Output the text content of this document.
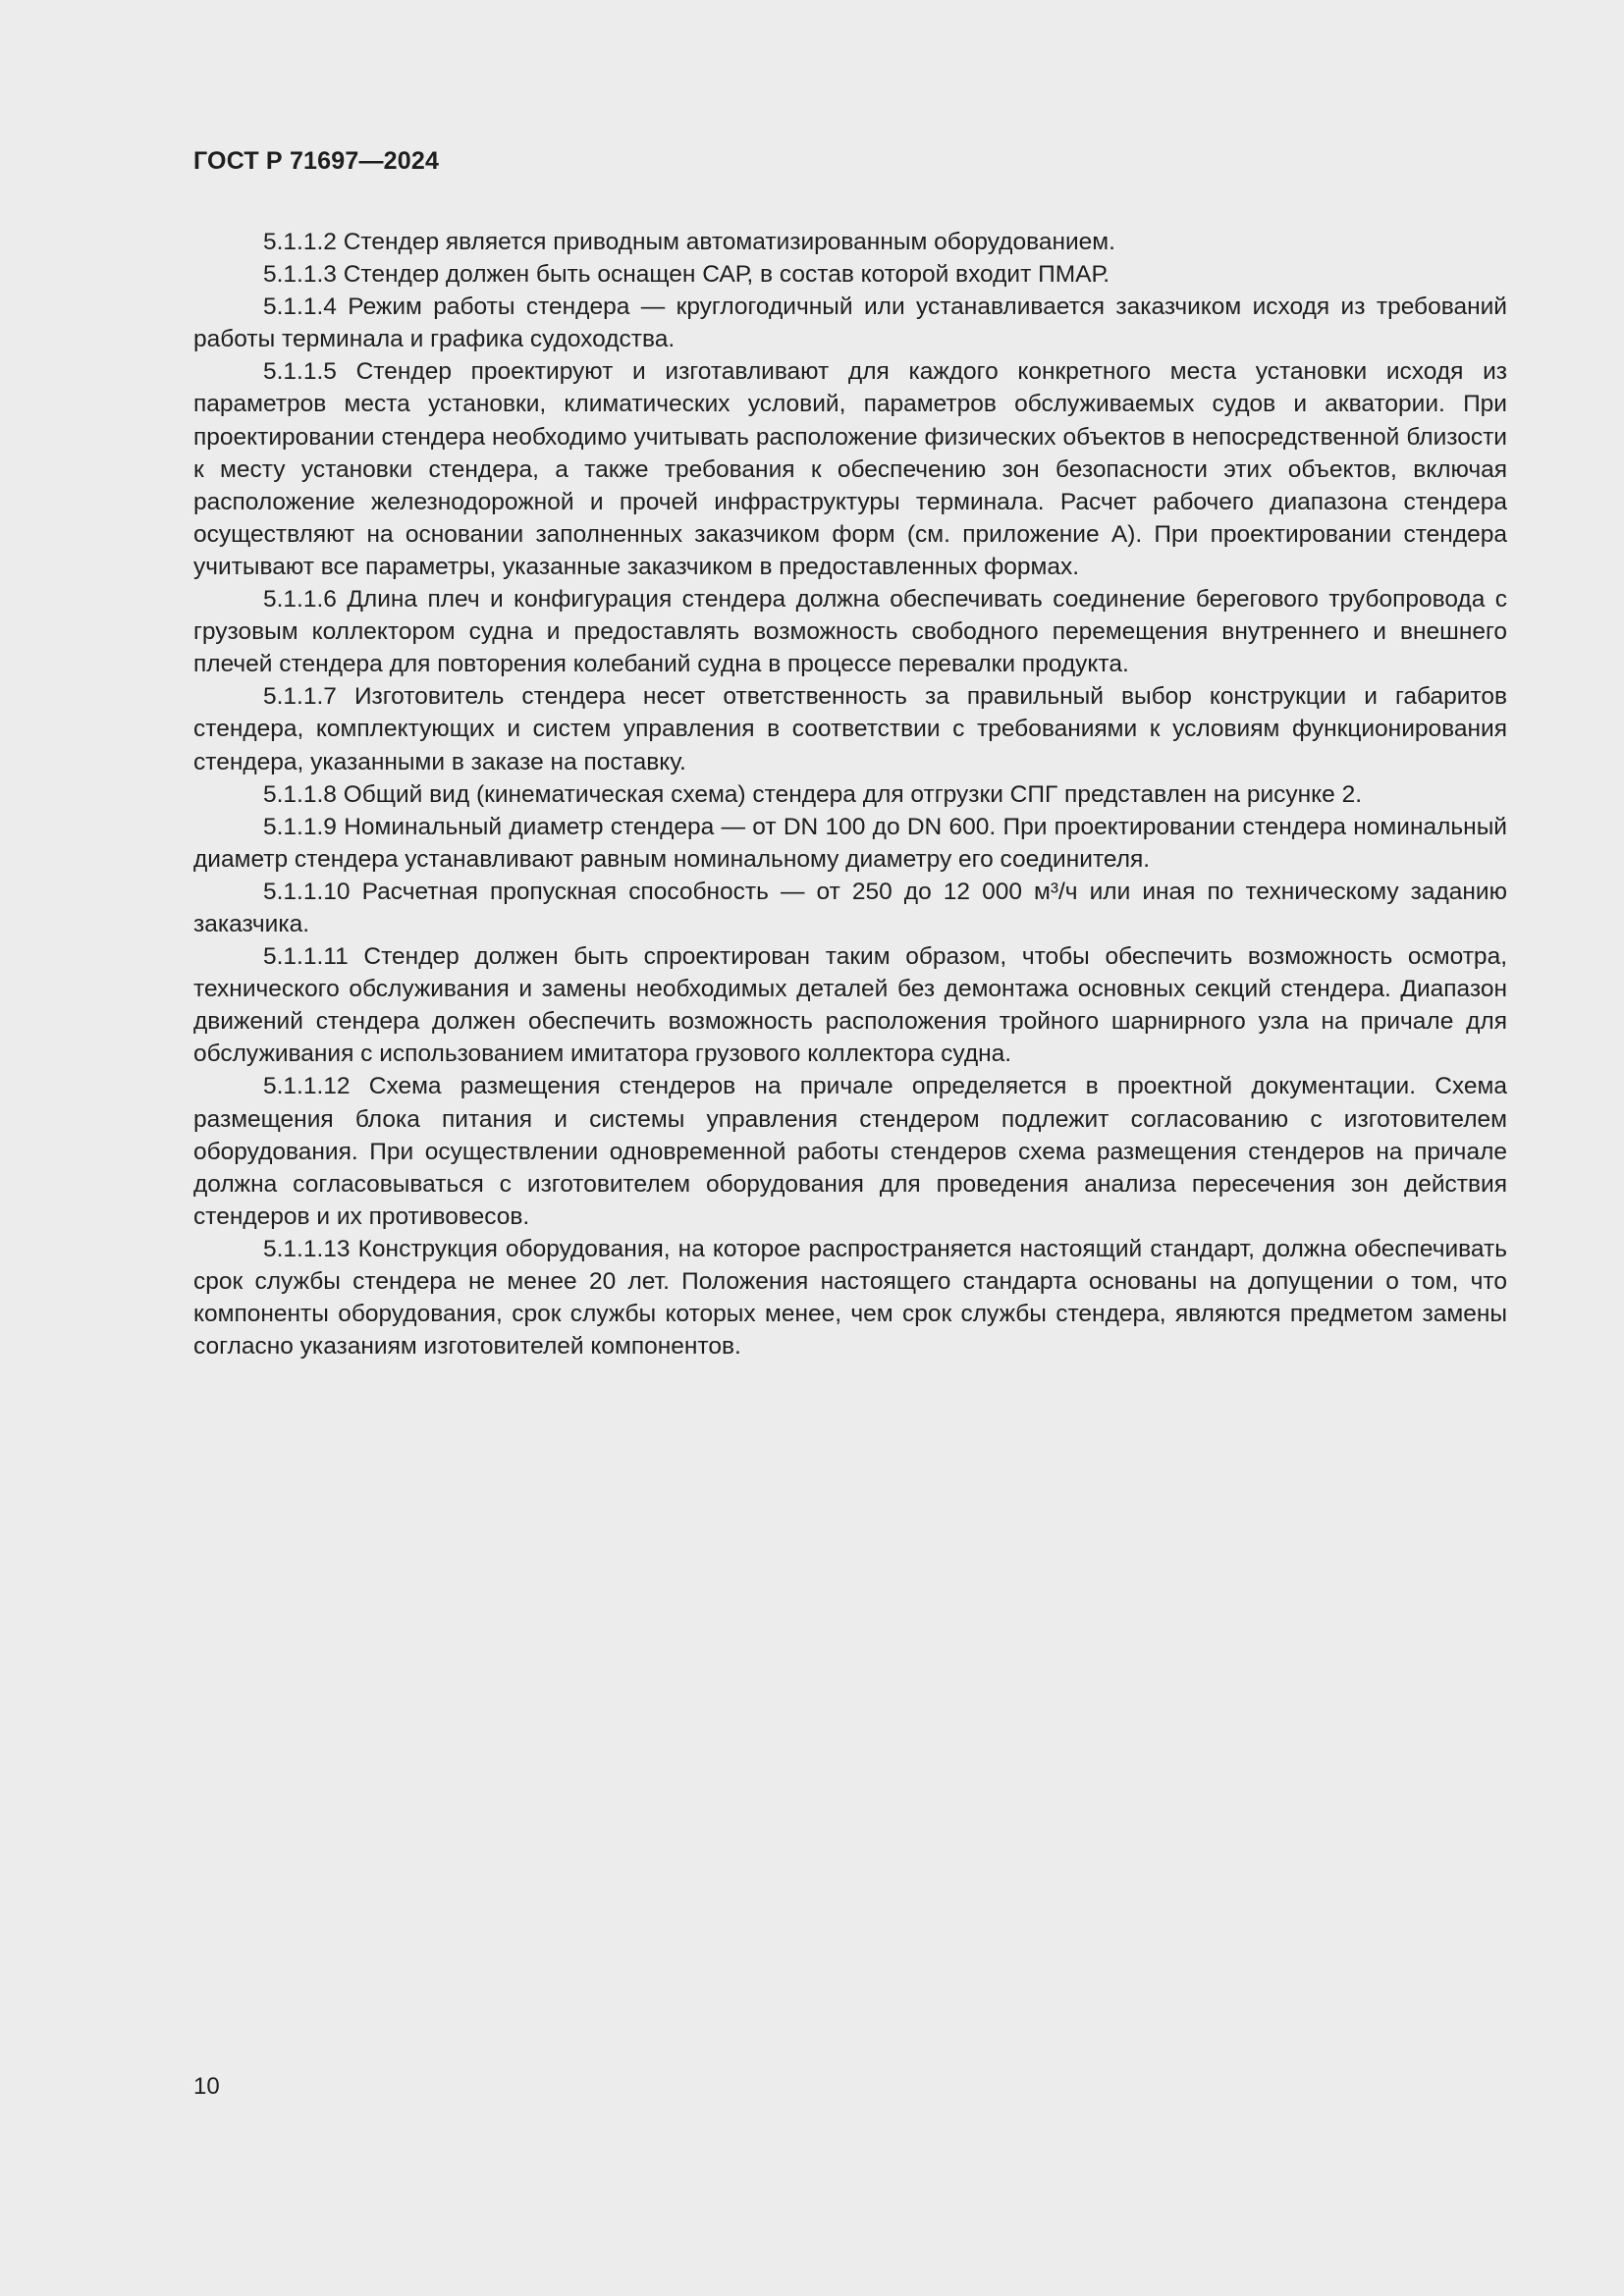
ГОСТ Р 71697—2024

5.1.1.2 Стендер является приводным автоматизированным оборудованием.

5.1.1.3 Стендер должен быть оснащен САР, в состав которой входит ПМАР.

5.1.1.4 Режим работы стендера — круглогодичный или устанавливается заказчиком исходя из требований работы терминала и графика судоходства.

5.1.1.5 Стендер проектируют и изготавливают для каждого конкретного места установки исходя из параметров места установки, климатических условий, параметров обслуживаемых судов и акватории. При проектировании стендера необходимо учитывать расположение физических объектов в непосредственной близости к месту установки стендера, а также требования к обеспечению зон безопасности этих объектов, включая расположение железнодорожной и прочей инфраструктуры терминала. Расчет рабочего диапазона стендера осуществляют на основании заполненных заказчиком форм (см. приложение А). При проектировании стендера учитывают все параметры, указанные заказчиком в предоставленных формах.

5.1.1.6 Длина плеч и конфигурация стендера должна обеспечивать соединение берегового трубопровода с грузовым коллектором судна и предоставлять возможность свободного перемещения внутреннего и внешнего плечей стендера для повторения колебаний судна в процессе перевалки продукта.

5.1.1.7 Изготовитель стендера несет ответственность за правильный выбор конструкции и габаритов стендера, комплектующих и систем управления в соответствии с требованиями к условиям функционирования стендера, указанными в заказе на поставку.

5.1.1.8 Общий вид (кинематическая схема) стендера для отгрузки СПГ представлен на рисунке 2.

5.1.1.9 Номинальный диаметр стендера — от DN 100 до DN 600. При проектировании стендера номинальный диаметр стендера устанавливают равным номинальному диаметру его соединителя.

5.1.1.10 Расчетная пропускная способность — от 250 до 12 000 м³/ч или иная по техническому заданию заказчика.

5.1.1.11 Стендер должен быть спроектирован таким образом, чтобы обеспечить возможность осмотра, технического обслуживания и замены необходимых деталей без демонтажа основных секций стендера. Диапазон движений стендера должен обеспечить возможность расположения тройного шарнирного узла на причале для обслуживания с использованием имитатора грузового коллектора судна.

5.1.1.12 Схема размещения стендеров на причале определяется в проектной документации. Схема размещения блока питания и системы управления стендером подлежит согласованию с изготовителем оборудования. При осуществлении одновременной работы стендеров схема размещения стендеров на причале должна согласовываться с изготовителем оборудования для проведения анализа пересечения зон действия стендеров и их противовесов.

5.1.1.13 Конструкция оборудования, на которое распространяется настоящий стандарт, должна обеспечивать срок службы стендера не менее 20 лет. Положения настоящего стандарта основаны на допущении о том, что компоненты оборудования, срок службы которых менее, чем срок службы стендера, являются предметом замены согласно указаниям изготовителей компонентов.

10
